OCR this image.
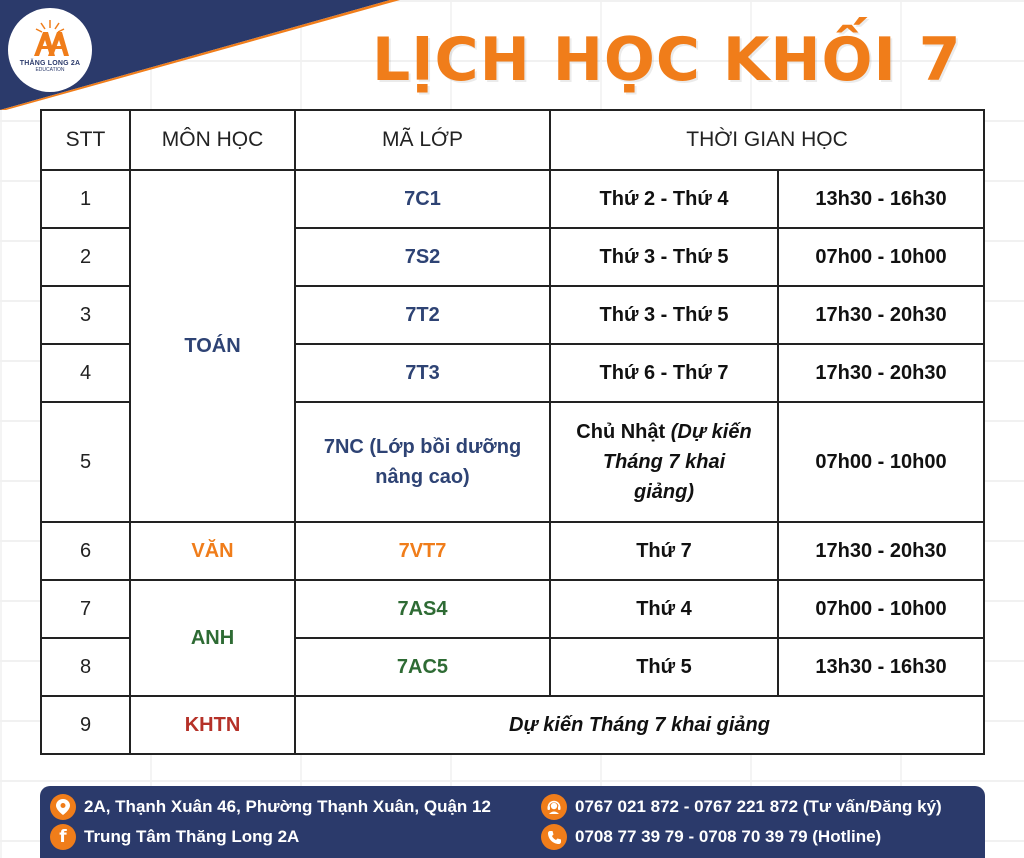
THĂNG LONG 2A
EDUCATION	LỊCH HỌC KHỐI 7
STT	MÔN HỌC	MÃ LỚP	THỜI GIAN HỌC	
1	TOÁN	7C1	Thứ 2 - Thứ 4	13h30 - 16h30
2		7S2	Thứ 3 - Thứ 5	07h00 - 10h00
3		7T2	Thứ 3 - Thứ 5	17h30 - 20h30
4		7T3	Thứ 6 - Thứ 7	17h30 - 20h30
5		7NC (Lớp bồi dưỡng nâng cao)	Chủ Nhật (Dự kiến Tháng 7 khai giảng)	07h00 - 10h00
6	VĂN	7VT7	Thứ 7	17h30 - 20h30
7	ANH	7AS4	Thứ 4	07h00 - 10h00
8		7AC5	Thứ 5	13h30 - 16h30
9	KHTN	Dự kiến Tháng 7 khai giảng		
2A, Thạnh Xuân 46, Phường Thạnh Xuân, Quận 12
f	Trung Tâm Thăng Long 2A
0767 021 872 - 0767 221 872 (Tư vấn/Đăng ký)
0708 77 39 79 - 0708 70 39 79 (Hotline)
